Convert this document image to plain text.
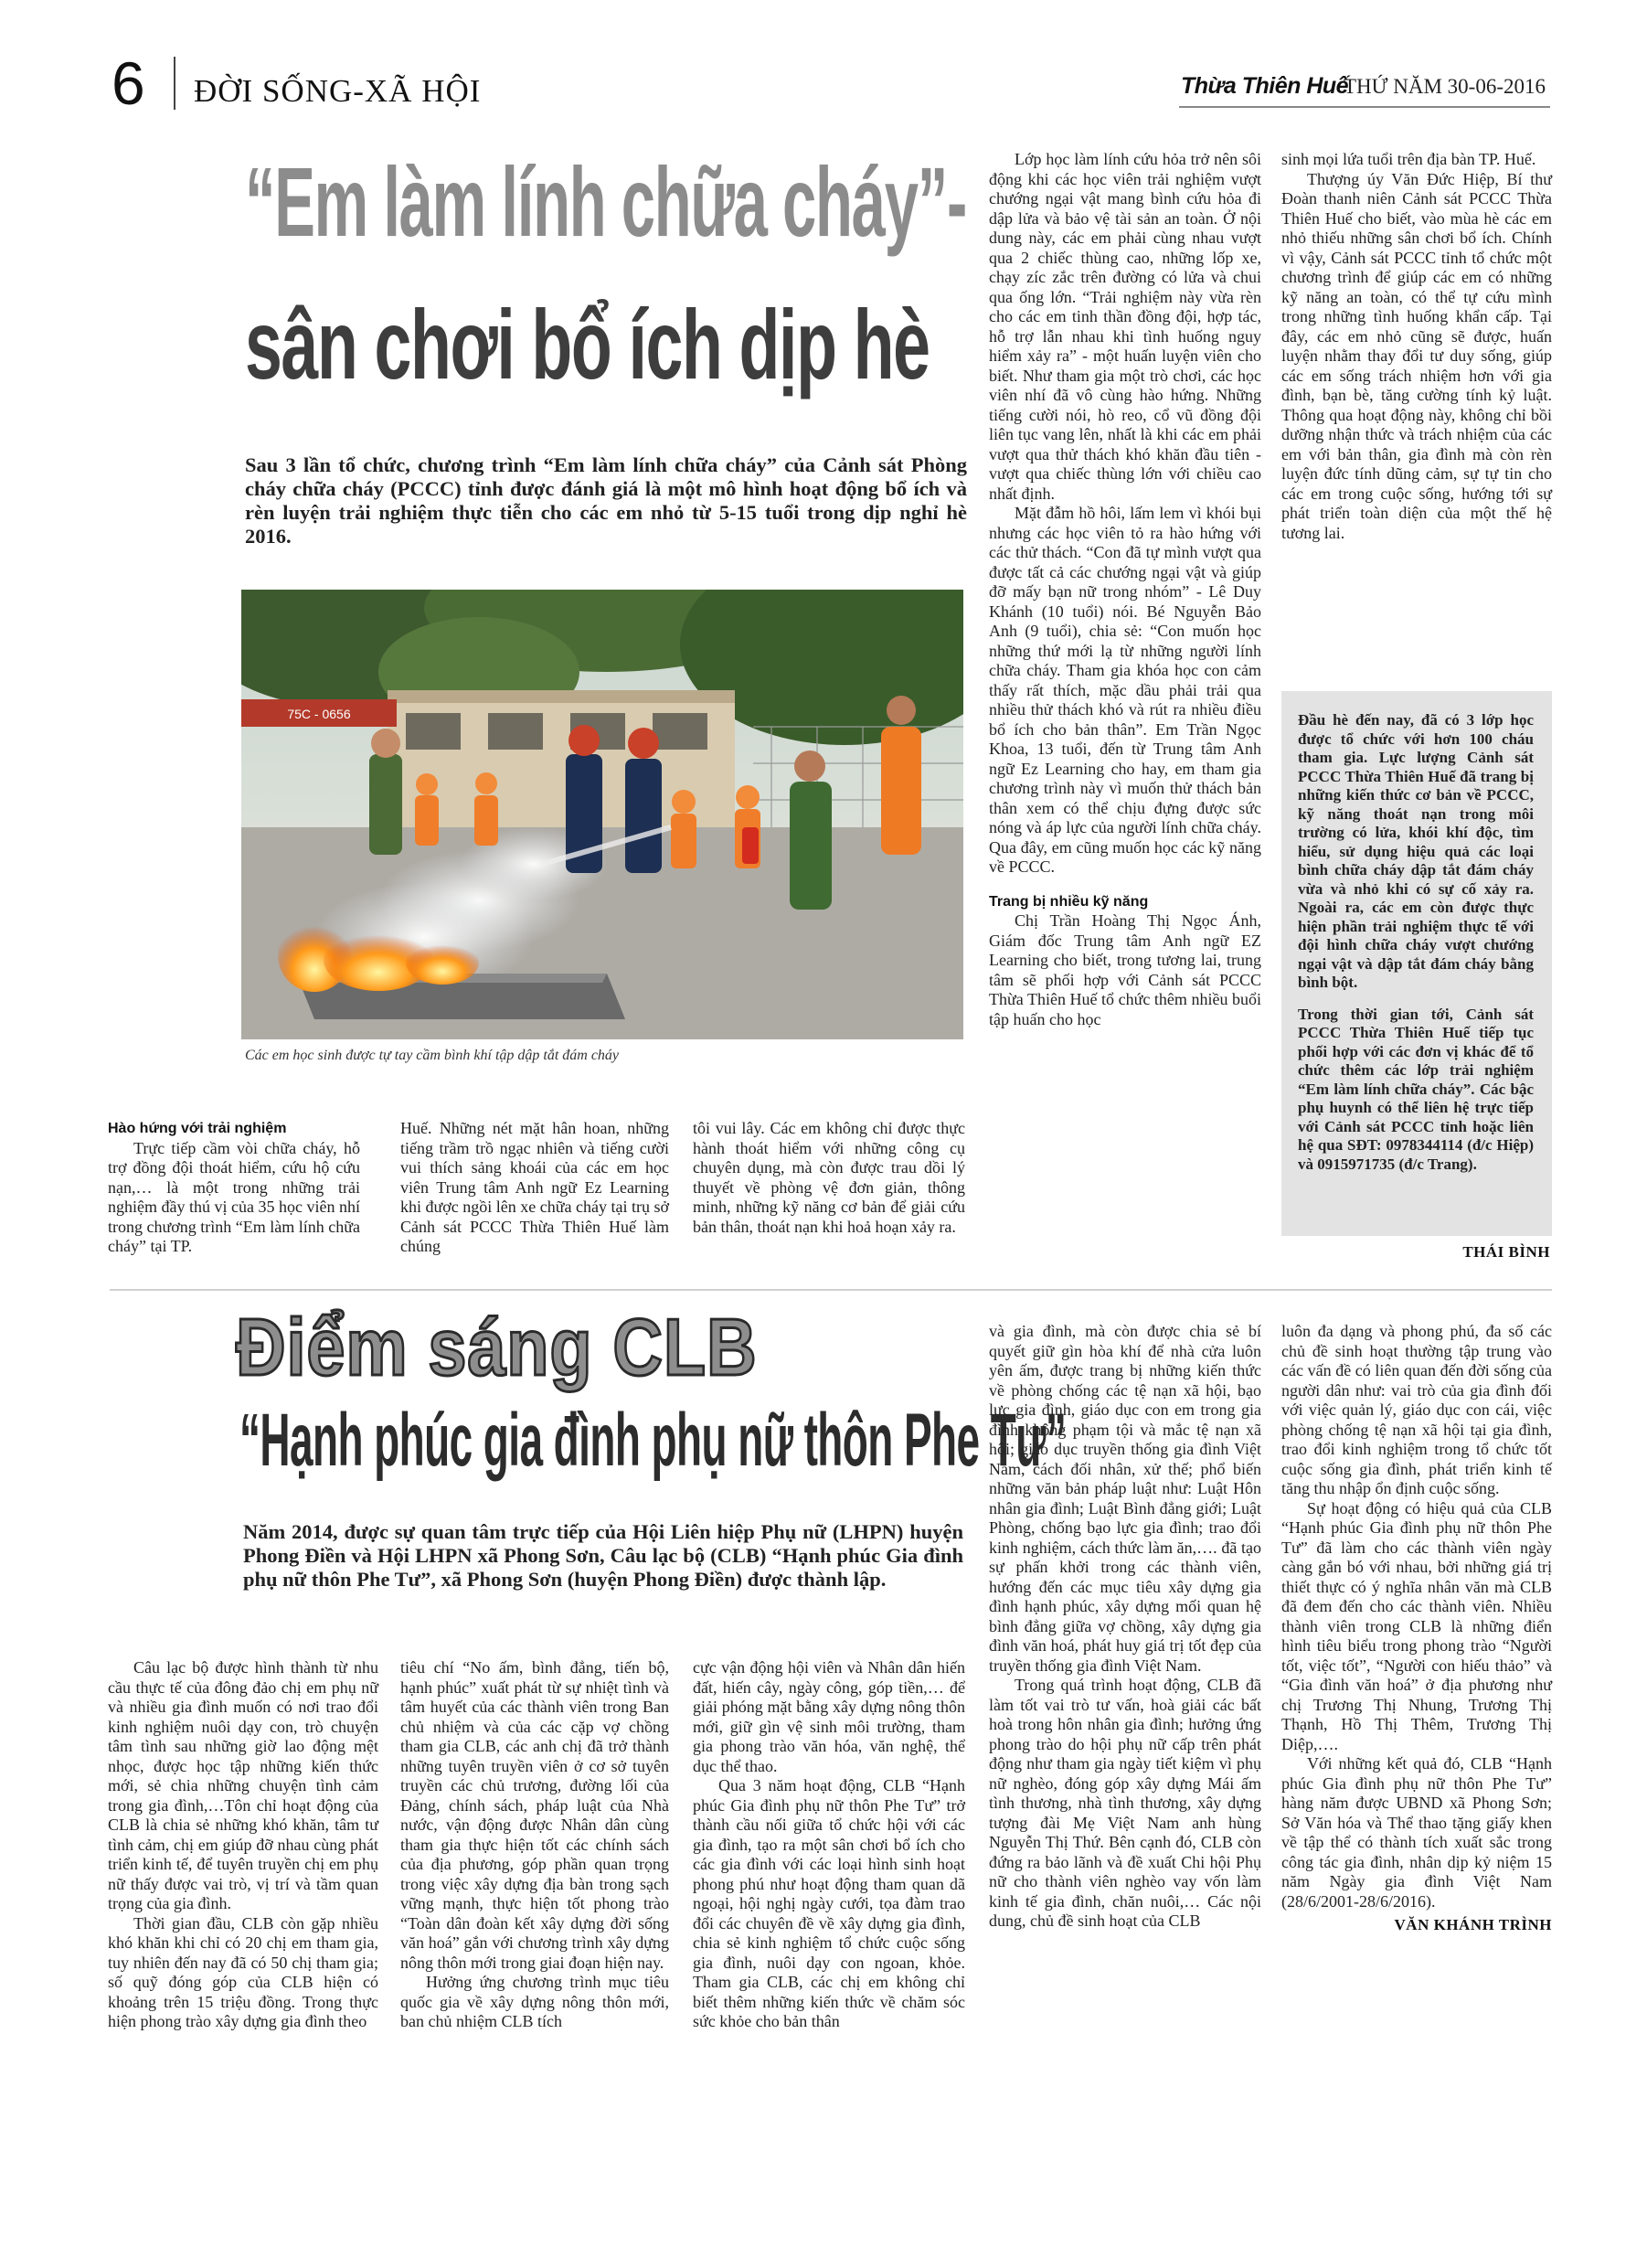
6 ĐỜI SỐNG-XÃ HỘI	Thừa Thiên Huế
THỨ NĂM 30-06-2016
“Em làm lính chữa cháy”-
sân chơi bổ ích dịp hè
Sau 3 lần tổ chức, chương trình “Em làm lính chữa cháy” của Cảnh sát Phòng cháy chữa cháy (PCCC) tỉnh được đánh giá là một mô hình hoạt động bổ ích và rèn luyện trải nghiệm thực tiễn cho các em nhỏ từ 5-15 tuổi trong dịp nghỉ hè 2016.
75C - 0656
Các em học sinh được tự tay cầm bình khí tập dập tắt đám cháy
Hào hứng với trải nghiệm

Trực tiếp cầm vòi chữa cháy, hỗ trợ đồng đội thoát hiểm, cứu hộ cứu nạn,… là một trong những trải nghiệm đầy thú vị của 35 học viên nhí trong chương trình “Em làm lính chữa cháy” tại TP.

Huế. Những nét mặt hân hoan, những tiếng trầm trồ ngạc nhiên và tiếng cười vui thích sảng khoái của các em học viên Trung tâm Anh ngữ Ez Learning khi được ngồi lên xe chữa cháy tại trụ sở Cảnh sát PCCC Thừa Thiên Huế làm chúng

tôi vui lây. Các em không chỉ được thực hành thoát hiểm với những công cụ chuyên dụng, mà còn được trau dồi lý thuyết về phòng vệ đơn giản, thông minh, những kỹ năng cơ bản để giải cứu bản thân, thoát nạn khi hoả hoạn xảy ra.

Lớp học làm lính cứu hỏa trở nên sôi động khi các học viên trải nghiệm vượt chướng ngại vật mang bình cứu hỏa đi dập lửa và bảo vệ tài sản an toàn. Ở nội dung này, các em phải cùng nhau vượt qua 2 chiếc thùng cao, những lốp xe, chạy zíc zắc trên đường có lửa và chui qua ống lớn. “Trải nghiệm này vừa rèn cho các em tinh thần đồng đội, hợp tác, hỗ trợ lẫn nhau khi tình huống nguy hiểm xảy ra” - một huấn luyện viên cho biết. Như tham gia một trò chơi, các học viên nhí đã vô cùng hào hứng. Những tiếng cười nói, hò reo, cổ vũ đồng đội liên tục vang lên, nhất là khi các em phải vượt qua thử thách khó khăn đầu tiên - vượt qua chiếc thùng lớn với chiều cao nhất định.

Mặt đẫm hồ hôi, lấm lem vì khói bụi nhưng các học viên tỏ ra hào hứng với các thử thách. “Con đã tự mình vượt qua được tất cả các chướng ngại vật và giúp đỡ mấy bạn nữ trong nhóm” - Lê Duy Khánh (10 tuổi) nói. Bé Nguyễn Bảo Anh (9 tuổi), chia sẻ: “Con muốn học những thứ mới lạ từ những người lính chữa cháy. Tham gia khóa học con cảm thấy rất thích, mặc dầu phải trải qua nhiều thử thách khó và rút ra nhiều điều bổ ích cho bản thân”. Em Trần Ngọc Khoa, 13 tuổi, đến từ Trung tâm Anh ngữ Ez Learning cho hay, em tham gia chương trình này vì muốn thử thách bản thân xem có thể chịu đựng được sức nóng và áp lực của người lính chữa cháy. Qua đây, em cũng muốn học các kỹ năng về PCCC.

Trang bị nhiều kỹ năng

Chị Trần Hoàng Thị Ngọc Ánh, Giám đốc Trung tâm Anh ngữ EZ Learning cho biết, trong tương lai, trung tâm sẽ phối hợp với Cảnh sát PCCC Thừa Thiên Huế tổ chức thêm nhiều buổi tập huấn cho học

sinh mọi lứa tuổi trên địa bàn TP. Huế.

Thượng úy Văn Đức Hiệp, Bí thư Đoàn thanh niên Cảnh sát PCCC Thừa Thiên Huế cho biết, vào mùa hè các em nhỏ thiếu những sân chơi bổ ích. Chính vì vậy, Cảnh sát PCCC tỉnh tổ chức một chương trình để giúp các em có những kỹ năng an toàn, có thể tự cứu mình trong những tình huống khẩn cấp. Tại đây, các em nhỏ cũng sẽ được, huấn luyện nhằm thay đổi tư duy sống, giúp các em sống trách nhiệm hơn với gia đình, bạn bè, tăng cường tính kỷ luật. Thông qua hoạt động này, không chỉ bồi dưỡng nhận thức và trách nhiệm của các em với bản thân, gia đình mà còn rèn luyện đức tính dũng cảm, sự tự tin cho các em trong cuộc sống, hướng tới sự phát triển toàn diện của một thế hệ tương lai.

Đầu hè đến nay, đã có 3 lớp học được tổ chức với hơn 100 cháu tham gia. Lực lượng Cảnh sát PCCC Thừa Thiên Huế đã trang bị những kiến thức cơ bản về PCCC, kỹ năng thoát nạn trong môi trường có lửa, khói khí độc, tìm hiểu, sử dụng hiệu quả các loại bình chữa cháy dập tắt đám cháy vừa và nhỏ khi có sự cố xảy ra. Ngoài ra, các em còn được thực hiện phần trải nghiệm thực tế với đội hình chữa cháy vượt chướng ngại vật và dập tắt đám cháy bằng bình bột.

Trong thời gian tới, Cảnh sát PCCC Thừa Thiên Huế tiếp tục phối hợp với các đơn vị khác để tổ chức thêm các lớp trải nghiệm “Em làm lính chữa cháy”. Các bậc phụ huynh có thể liên hệ trực tiếp với Cảnh sát PCCC tỉnh hoặc liên hệ qua SĐT: 0978344114 (đ/c Hiệp) và 0915971735 (đ/c Trang).

THÁI BÌNH
Điểm sáng CLB
“Hạnh phúc gia đình phụ nữ thôn Phe Tư”
Năm 2014, được sự quan tâm trực tiếp của Hội Liên hiệp Phụ nữ (LHPN) huyện Phong Điền và Hội LHPN xã Phong Sơn, Câu lạc bộ (CLB) “Hạnh phúc Gia đình phụ nữ thôn Phe Tư”, xã Phong Sơn (huyện Phong Điền) được thành lập.

Câu lạc bộ được hình thành từ nhu cầu thực tế của đông đảo chị em phụ nữ và nhiều gia đình muốn có nơi trao đổi kinh nghiệm nuôi dạy con, trò chuyện tâm tình sau những giờ lao động mệt nhọc, được học tập những kiến thức mới, sẻ chia những chuyện tình cảm trong gia đình,…Tôn chỉ hoạt động của CLB là chia sẻ những khó khăn, tâm tư tình cảm, chị em giúp đỡ nhau cùng phát triển kinh tế, để tuyên truyền chị em phụ nữ thấy được vai trò, vị trí và tầm quan trọng của gia đình.

Thời gian đầu, CLB còn gặp nhiều khó khăn khi chỉ có 20 chị em tham gia, tuy nhiên đến nay đã có 50 chị tham gia; số quỹ đóng góp của CLB hiện có khoảng trên 15 triệu đồng. Trong thực hiện phong trào xây dựng gia đình theo

tiêu chí “No ấm, bình đẳng, tiến bộ, hạnh phúc” xuất phát từ sự nhiệt tình và tâm huyết của các thành viên trong Ban chủ nhiệm và của các cặp vợ chồng tham gia CLB, các anh chị đã trở thành những tuyên truyền viên ở cơ sở tuyên truyền các chủ trương, đường lối của Đảng, chính sách, pháp luật của Nhà nước, vận động được Nhân dân cùng tham gia thực hiện tốt các chính sách của địa phương, góp phần quan trọng trong việc xây dựng địa bàn trong sạch vững mạnh, thực hiện tốt phong trào “Toàn dân đoàn kết xây dựng đời sống văn hoá” gắn với chương trình xây dựng nông thôn mới trong giai đoạn hiện nay.

Hưởng ứng chương trình mục tiêu quốc gia về xây dựng nông thôn mới, ban chủ nhiệm CLB tích

cực vận động hội viên và Nhân dân hiến đất, hiến cây, ngày công, góp tiền,… để giải phóng mặt bằng xây dựng nông thôn mới, giữ gìn vệ sinh môi trường, tham gia phong trào văn hóa, văn nghệ, thể dục thể thao.

Qua 3 năm hoạt động, CLB “Hạnh phúc Gia đình phụ nữ thôn Phe Tư” trở thành cầu nối giữa tổ chức hội với các gia đình, tạo ra một sân chơi bổ ích cho các gia đình với các loại hình sinh hoạt phong phú như hoạt động tham quan dã ngoại, hội nghị ngày cưới, tọa đàm trao đổi các chuyên đề về xây dựng gia đình, chia sẻ kinh nghiệm tổ chức cuộc sống gia đình, nuôi dạy con ngoan, khỏe. Tham gia CLB, các chị em không chỉ biết thêm những kiến thức về chăm sóc sức khỏe cho bản thân

và gia đình, mà còn được chia sẻ bí quyết giữ gìn hòa khí để nhà cửa luôn yên ấm, được trang bị những kiến thức về phòng chống các tệ nạn xã hội, bạo lực gia đình, giáo dục con em trong gia đình không phạm tội và mắc tệ nạn xã hội; giáo dục truyền thống gia đình Việt Nam, cách đối nhân, xử thế; phổ biến những văn bản pháp luật như: Luật Hôn nhân gia đình; Luật Bình đẳng giới; Luật Phòng, chống bạo lực gia đình; trao đổi kinh nghiệm, cách thức làm ăn,…. đã tạo sự phấn khởi trong các thành viên, hướng đến các mục tiêu xây dựng gia đình hạnh phúc, xây dựng mối quan hệ bình đẳng giữa vợ chồng, xây dựng gia đình văn hoá, phát huy giá trị tốt đẹp của truyền thống gia đình Việt Nam.

Trong quá trình hoạt động, CLB đã làm tốt vai trò tư vấn, hoà giải các bất hoà trong hôn nhân gia đình; hưởng ứng phong trào do hội phụ nữ cấp trên phát động như tham gia ngày tiết kiệm vì phụ nữ nghèo, đóng góp xây dựng Mái ấm tình thương, nhà tình thương, xây dựng tượng đài Mẹ Việt Nam anh hùng Nguyễn Thị Thứ. Bên cạnh đó, CLB còn đứng ra bảo lãnh và đề xuất Chi hội Phụ nữ cho thành viên nghèo vay vốn làm kinh tế gia đình, chăn nuôi,… Các nội dung, chủ đề sinh hoạt của CLB

luôn đa dạng và phong phú, đa số các chủ đề sinh hoạt thường tập trung vào các vấn đề có liên quan đến đời sống của người dân như: vai trò của gia đình đối với việc quản lý, giáo dục con cái, việc phòng chống tệ nạn xã hội tại gia đình, trao đổi kinh nghiệm trong tổ chức tốt cuộc sống gia đình, phát triển kinh tế tăng thu nhập ổn định cuộc sống.

Sự hoạt động có hiệu quả của CLB “Hạnh phúc Gia đình phụ nữ thôn Phe Tư” đã làm cho các thành viên ngày càng gắn bó với nhau, bởi những giá trị thiết thực có ý nghĩa nhân văn mà CLB đã đem đến cho các thành viên. Nhiều thành viên trong CLB là những điển hình tiêu biểu trong phong trào “Người tốt, việc tốt”, “Người con hiếu thảo” và “Gia đình văn hoá” ở địa phương như chị Trương Thị Nhung, Trương Thị Thạnh, Hồ Thị Thêm, Trương Thị Diệp,….

Với những kết quả đó, CLB “Hạnh phúc Gia đình phụ nữ thôn Phe Tư” hàng năm được UBND xã Phong Sơn; Sở Văn hóa và Thể thao tặng giấy khen về tập thể có thành tích xuất sắc trong công tác gia đình, nhân dịp kỷ niệm 15 năm Ngày gia đình Việt Nam (28/6/2001-28/6/2016).

VĂN KHÁNH TRÌNH
